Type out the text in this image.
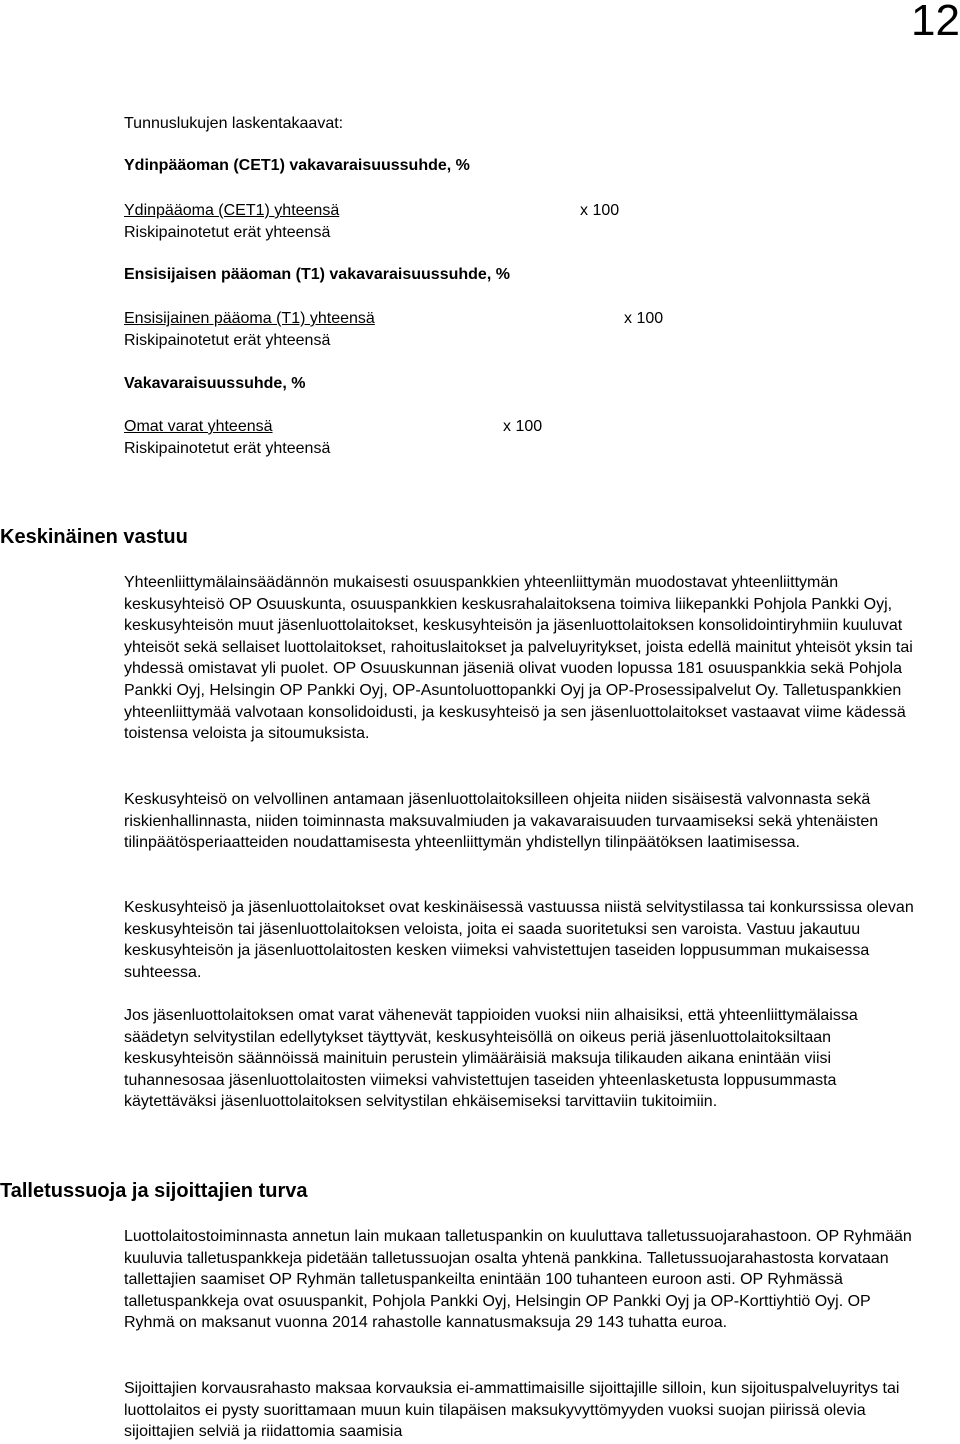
12
Tunnuslukujen laskentakaavat:
Ydinpääoman (CET1) vakavaraisuussuhde, %
Ydinpääoma (CET1) yhteensä	x 100
Riskipainotetut erät yhteensä
Ensisijaisen pääoman (T1) vakavaraisuussuhde, %
Ensisijainen pääoma (T1) yhteensä	x 100
Riskipainotetut erät yhteensä
Vakavaraisuussuhde, %
Omat varat yhteensä	x 100
Riskipainotetut erät yhteensä
Keskinäinen vastuu

Yhteenliittymälainsäädännön mukaisesti osuuspankkien yhteenliittymän muodostavat yhteenliittymän keskusyhteisö OP Osuuskunta, osuuspankkien keskusrahalaitoksena toimiva liikepankki Pohjola Pankki Oyj, keskusyhteisön muut jäsenluottolaitokset, keskusyhteisön ja jäsenluottolaitoksen konsolidointiryhmiin kuuluvat yhteisöt sekä sellaiset luottolaitokset, rahoituslaitokset ja palveluyritykset, joista edellä mainitut yhteisöt yksin tai yhdessä omistavat yli puolet. OP Osuuskunnan jäseniä olivat vuoden lopussa 181 osuuspankkia sekä Pohjola Pankki Oyj, Helsingin OP Pankki Oyj, OP-Asuntoluottopankki Oyj ja OP-Prosessipalvelut Oy. Talletuspankkien yhteenliittymää valvotaan konsolidoidusti, ja keskusyhteisö ja sen jäsenluottolaitokset vastaavat viime kädessä toistensa veloista ja sitoumuksista.

Keskusyhteisö on velvollinen antamaan jäsenluottolaitoksilleen ohjeita niiden sisäisestä valvonnasta sekä riskienhallinnasta, niiden toiminnasta maksuvalmiuden ja vakavaraisuuden turvaamiseksi sekä yhtenäisten tilinpäätösperiaatteiden noudattamisesta yhteenliittymän yhdistellyn tilinpäätöksen laatimisessa.

Keskusyhteisö ja jäsenluottolaitokset ovat keskinäisessä vastuussa niistä selvitystilassa tai konkurssissa olevan keskusyhteisön tai jäsenluottolaitoksen veloista, joita ei saada suoritetuksi sen varoista. Vastuu jakautuu keskusyhteisön ja jäsenluottolaitosten kesken viimeksi vahvistettujen taseiden loppusumman mukaisessa suhteessa.

Jos jäsenluottolaitoksen omat varat vähenevät tappioiden vuoksi niin alhaisiksi, että yhteenliittymälaissa säädetyn selvitystilan edellytykset täyttyvät, keskusyhteisöllä on oikeus periä jäsenluottolaitoksiltaan keskusyhteisön säännöissä mainituin perustein ylimääräisiä maksuja tilikauden aikana enintään viisi tuhannesosaa jäsenluottolaitosten viimeksi vahvistettujen taseiden yhteenlasketusta loppusummasta käytettäväksi jäsenluottolaitoksen selvitystilan ehkäisemiseksi tarvittaviin tukitoimiin.

Talletussuoja ja sijoittajien turva

Luottolaitostoiminnasta annetun lain mukaan talletuspankin on kuuluttava talletussuojarahastoon. OP Ryhmään kuuluvia talletuspankkeja pidetään talletussuojan osalta yhtenä pankkina. Talletussuojarahastosta korvataan tallettajien saamiset OP Ryhmän talletuspankeilta enintään 100 tuhanteen euroon asti. OP Ryhmässä talletuspankkeja ovat osuuspankit, Pohjola Pankki Oyj, Helsingin OP Pankki Oyj ja OP-Korttiyhtiö Oyj. OP Ryhmä on maksanut vuonna 2014 rahastolle kannatusmaksuja 29 143 tuhatta euroa.

Sijoittajien korvausrahasto maksaa korvauksia ei-ammattimaisille sijoittajille silloin, kun sijoituspalveluyritys tai luottolaitos ei pysty suorittamaan muun kuin tilapäisen maksukyvyttömyyden vuoksi suojan piirissä olevia sijoittajien selviä ja riidattomia saamisia
